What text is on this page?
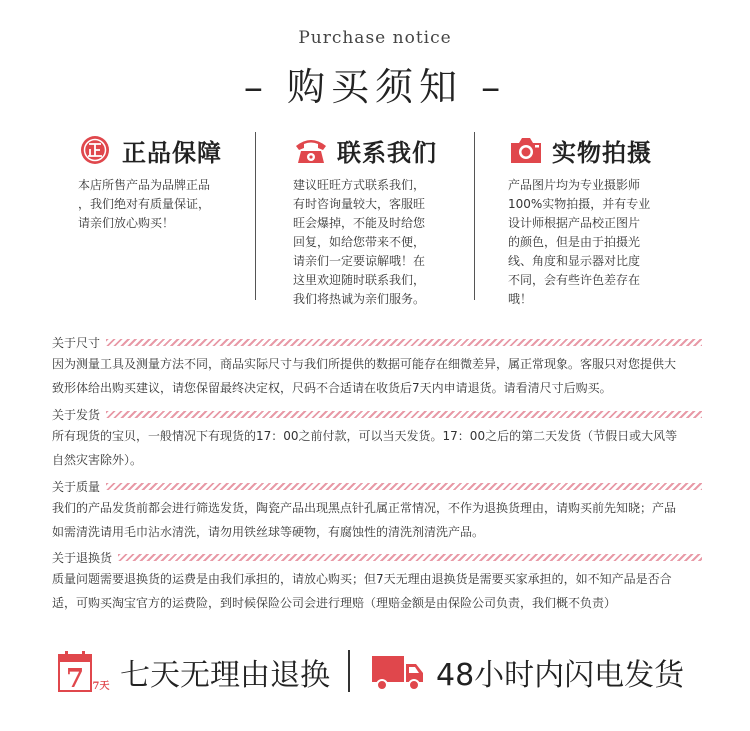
Purchase notice
– 购买须知 –
正品保障
本店所售产品为品牌正品
，我们绝对有质量保证，
请亲们放心购买！
联系我们
建议旺旺方式联系我们，
有时咨询量较大，客服旺
旺会爆掉，不能及时给您
回复，如给您带来不便，
请亲们一定要谅解哦！在
这里欢迎随时联系我们，
我们将热诚为亲们服务。
实物拍摄
产品图片均为专业摄影师
100%实物拍摄，并有专业
设计师根据产品校正图片
的颜色，但是由于拍摄光
线、角度和显示器对比度
不同，会有些许色差存在
哦！
关于尺寸
因为测量工具及测量方法不同，商品实际尺寸与我们所提供的数据可能存在细微差异，属正常现象。客服只对您提供大
致形体给出购买建议，请您保留最终决定权，尺码不合适请在收货后7天内申请退货。请看清尺寸后购买。
关于发货
所有现货的宝贝，一般情况下有现货的17：00之前付款，可以当天发货。17：00之后的第二天发货（节假日或大风等
自然灾害除外）。
关于质量
我们的产品发货前都会进行筛选发货，陶瓷产品出现黑点针孔属正常情况，不作为退换货理由，请购买前先知晓；产品
如需清洗请用毛巾沾水清洗，请勿用铁丝球等硬物，有腐蚀性的清洗剂清洗产品。
关于退换货
质量问题需要退换货的运费是由我们承担的，请放心购买；但7天无理由退换货是需要买家承担的，如不知产品是否合
适，可购买淘宝官方的运费险，到时候保险公司会进行理赔（理赔金额是由保险公司负责，我们概不负责）
7 7天 七天无理由退换	48小时内闪电发货
